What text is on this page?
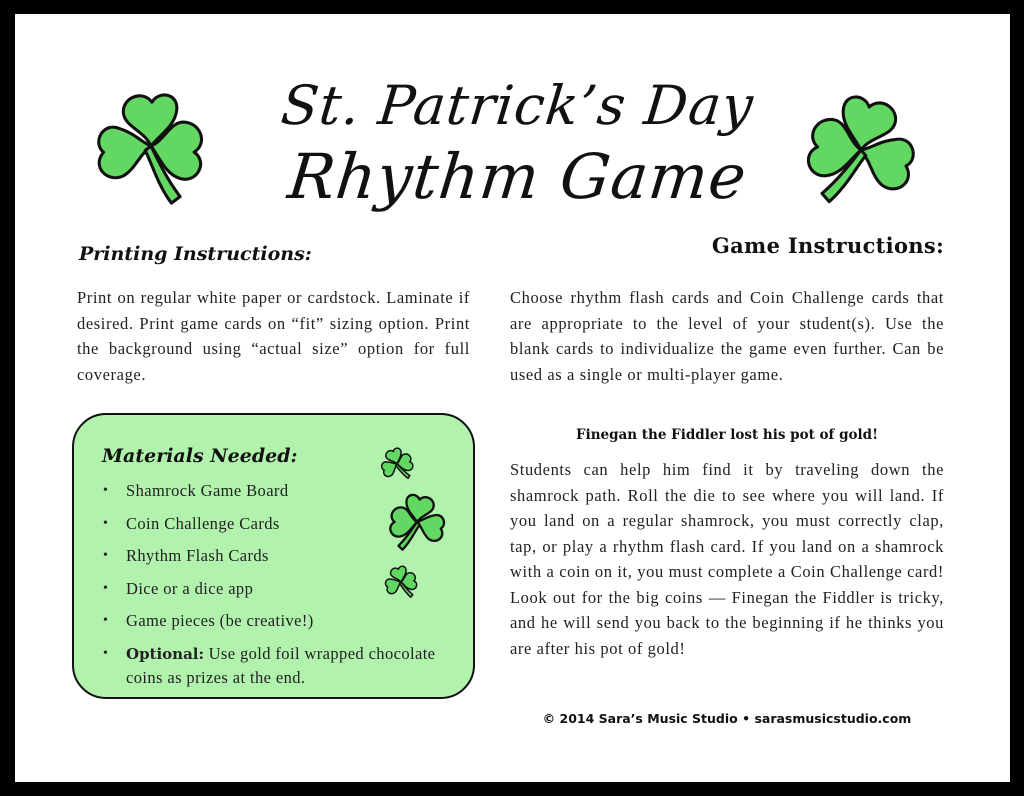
St. Patrick’s Day
Rhythm Game
Printing Instructions:
Print on regular white paper or cardstock. Laminate if desired. Print game cards on “fit” sizing option. Print the background using “actual size” option for full coverage.
Materials Needed:
• Shamrock Game Board
• Coin Challenge Cards
• Rhythm Flash Cards
• Dice or a dice app
• Game pieces (be creative!)
• Optional: Use gold foil wrapped chocolate coins as prizes at the end.
Game Instructions:
Choose rhythm flash cards and Coin Challenge cards that are appropriate to the level of your student(s). Use the blank cards to individualize the game even further. Can be used as a single or multi-player game.
Finegan the Fiddler lost his pot of gold!
Students can help him find it by traveling down the shamrock path. Roll the die to see where you will land. If you land on a regular shamrock, you must correctly clap, tap, or play a rhythm flash card. If you land on a shamrock with a coin on it, you must complete a Coin Challenge card! Look out for the big coins — Finegan the Fiddler is tricky, and he will send you back to the beginning if he thinks you are after his pot of gold!
© 2014 Sara’s Music Studio • sarasmusicstudio.com
